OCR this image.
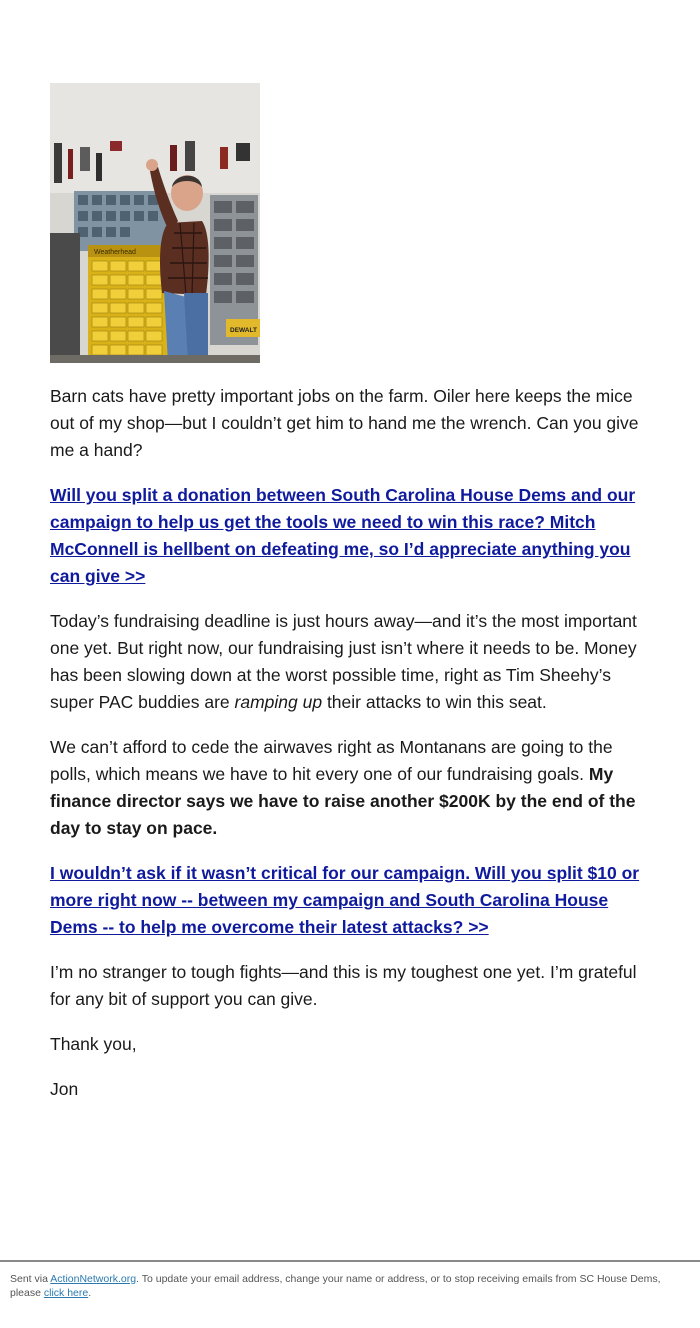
Weatherhead
DEWALT

Barn cats have pretty important jobs on the farm. Oiler here keeps the mice out of my shop—but I couldn’t get him to hand me the wrench. Can you give me a hand?

Will you split a donation between South Carolina House Dems and our campaign to help us get the tools we need to win this race? Mitch McConnell is hellbent on defeating me, so I’d appreciate anything you can give >>

Today’s fundraising deadline is just hours away—and it’s the most important one yet. But right now, our fundraising just isn’t where it needs to be. Money has been slowing down at the worst possible time, right as Tim Sheehy’s super PAC buddies are ramping up their attacks to win this seat.

We can’t afford to cede the airwaves right as Montanans are going to the polls, which means we have to hit every one of our fundraising goals. My finance director says we have to raise another $200K by the end of the day to stay on pace.

I wouldn’t ask if it wasn’t critical for our campaign. Will you split $10 or more right now -- between my campaign and South Carolina House Dems -- to help me overcome their latest attacks? >>

I’m no stranger to tough fights—and this is my toughest one yet. I’m grateful for any bit of support you can give.

Thank you,

Jon

Sent via ActionNetwork.org. To update your email address, change your name or address, or to stop receiving emails from SC House Dems, please click here.
